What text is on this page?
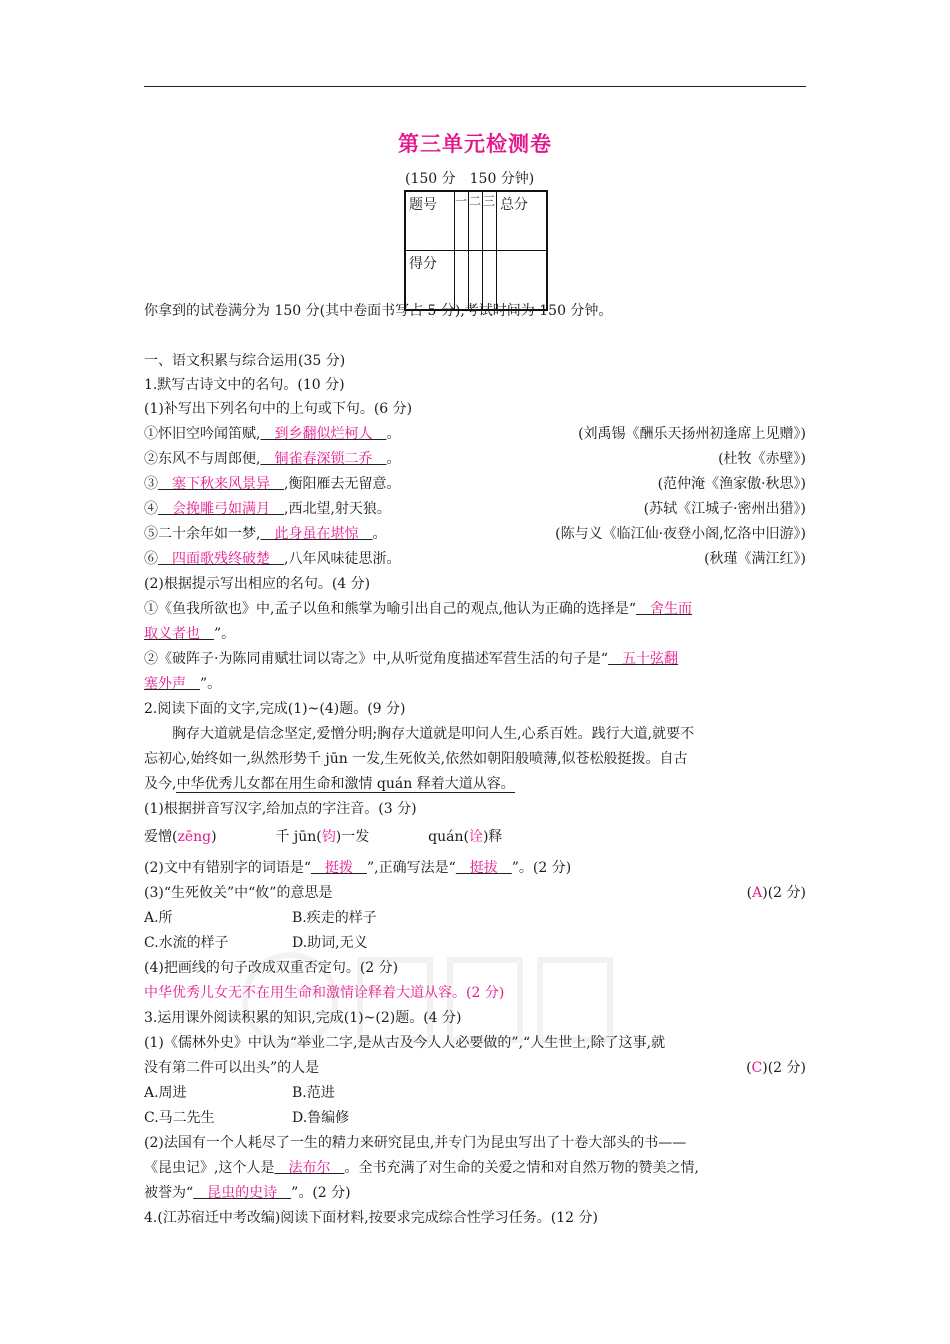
第三单元检测卷
(150 分　150 分钟)
题号	一	二	三	总分
得分				
你拿到的试卷满分为 150 分(其中卷面书写占 5 分),考试时间为 150 分钟。
一、语文积累与综合运用(35 分)
1.默写古诗文中的名句。(10 分)
(1)补写出下列名句中的上句或下句。(6 分)
①怀旧空吟闻笛赋,　到乡翻似烂柯人　。	(刘禹锡《酬乐天扬州初逢席上见赠》)
②东风不与周郎便,　铜雀春深锁二乔　。	(杜牧《赤壁》)
③　塞下秋来风景异　,衡阳雁去无留意。	(范仲淹《渔家傲·秋思》)
④　会挽雕弓如满月　,西北望,射天狼。	(苏轼《江城子·密州出猎》)
⑤二十余年如一梦,　此身虽在堪惊　。	(陈与义《临江仙·夜登小阁,忆洛中旧游》)
⑥　四面歌残终破楚　,八年风味徒思浙。	(秋瑾《满江红》)
(2)根据提示写出相应的名句。(4 分)
①《鱼我所欲也》中,孟子以鱼和熊掌为喻引出自己的观点,他认为正确的选择是“　舍生而
取义者也　”。
②《破阵子·为陈同甫赋壮词以寄之》中,从听觉角度描述军营生活的句子是“　五十弦翻
塞外声　”。
2.阅读下面的文字,完成(1)~(4)题。(9 分)
胸存大道就是信念坚定,爱憎分明;胸存大道就是叩问人生,心系百姓。践行大道,就要不
忘初心,始终如一,纵然形势千 jūn 一发,生死攸关,依然如朝阳般喷薄,似苍松般挺拨。自古
及今,中华优秀儿女都在用生命和激情 quán 释着大道从容。
(1)根据拼音写汉字,给加点的字注音。(3 分)
爱憎(zēng)	千 jūn(钧)一发	quán(诠)释
(2)文中有错别字的词语是“　挺拨　”,正确写法是“　挺拔　”。(2 分)
(3)“生死攸关”中“攸”的意思是	(A)(2 分)
A.所	B.疾走的样子
C.水流的样子	D.助词,无义
(4)把画线的句子改成双重否定句。(2 分)
中华优秀儿女无不在用生命和激情诠释着大道从容。(2 分)
3.运用课外阅读积累的知识,完成(1)~(2)题。(4 分)
(1)《儒林外史》中认为“举业二字,是从古及今人人必要做的”,“人生世上,除了这事,就
没有第二件可以出头”的人是	(C)(2 分)
A.周进	B.范进
C.马二先生	D.鲁编修
(2)法国有一个人耗尽了一生的精力来研究昆虫,并专门为昆虫写出了十卷大部头的书——
《昆虫记》,这个人是　法布尔　。全书充满了对生命的关爱之情和对自然万物的赞美之情,
被誉为“　昆虫的史诗　”。(2 分)
4.(江苏宿迁中考改编)阅读下面材料,按要求完成综合性学习任务。(12 分)
